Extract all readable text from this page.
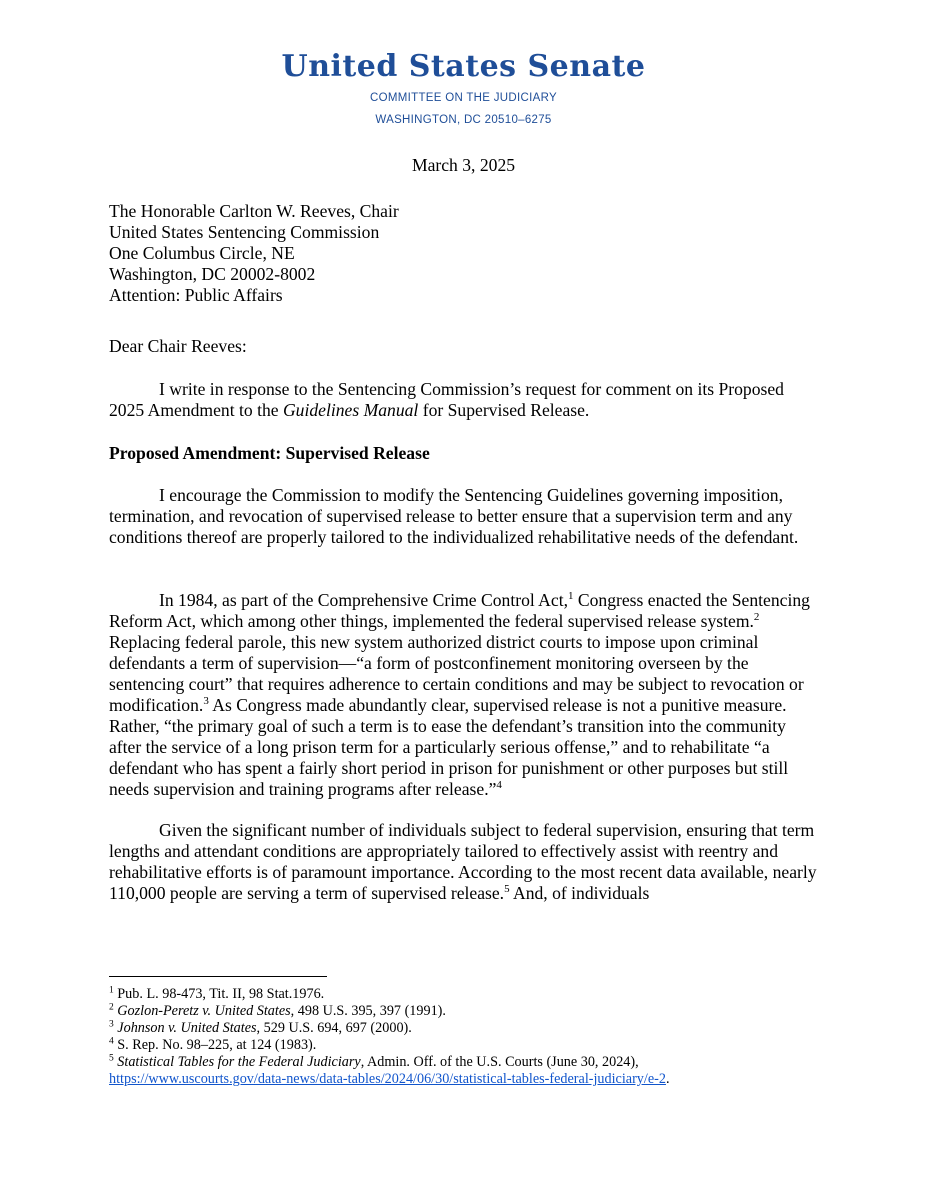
United States Senate
COMMITTEE ON THE JUDICIARY
WASHINGTON, DC 20510–6275
March 3, 2025
The Honorable Carlton W. Reeves, Chair
United States Sentencing Commission
One Columbus Circle, NE
Washington, DC 20002-8002
Attention: Public Affairs
Dear Chair Reeves:

I write in response to the Sentencing Commission’s request for comment on its Proposed 2025 Amendment to the Guidelines Manual for Supervised Release.

Proposed Amendment: Supervised Release

I encourage the Commission to modify the Sentencing Guidelines governing imposition, termination, and revocation of supervised release to better ensure that a supervision term and any conditions thereof are properly tailored to the individualized rehabilitative needs of the defendant.

In 1984, as part of the Comprehensive Crime Control Act,$^1$ Congress enacted the Sentencing Reform Act, which among other things, implemented the federal supervised release system.$^2$ Replacing federal parole, this new system authorized district courts to impose upon criminal defendants a term of supervision—“a form of postconfinement monitoring overseen by the sentencing court” that requires adherence to certain conditions and may be subject to revocation or modification.$^3$ As Congress made abundantly clear, supervised release is not a punitive measure. Rather, “the primary goal of such a term is to ease the defendant’s transition into the community after the service of a long prison term for a particularly serious offense,” and to rehabilitate “a defendant who has spent a fairly short period in prison for punishment or other purposes but still needs supervision and training programs after release.”$^4$

Given the significant number of individuals subject to federal supervision, ensuring that term lengths and attendant conditions are appropriately tailored to effectively assist with reentry and rehabilitative efforts is of paramount importance. According to the most recent data available, nearly 110,000 people are serving a term of supervised release.$^5$ And, of individuals

$^1$ Pub. L. 98-473, Tit. II, 98 Stat.1976.
$^2$ Gozlon-Peretz v. United States, 498 U.S. 395, 397 (1991).
$^3$ Johnson v. United States, 529 U.S. 694, 697 (2000).
$^4$ S. Rep. No. 98–225, at 124 (1983).
$^5$ Statistical Tables for the Federal Judiciary, Admin. Off. of the U.S. Courts (June 30, 2024),
https://www.uscourts.gov/data-news/data-tables/2024/06/30/statistical-tables-federal-judiciary/e-2.
